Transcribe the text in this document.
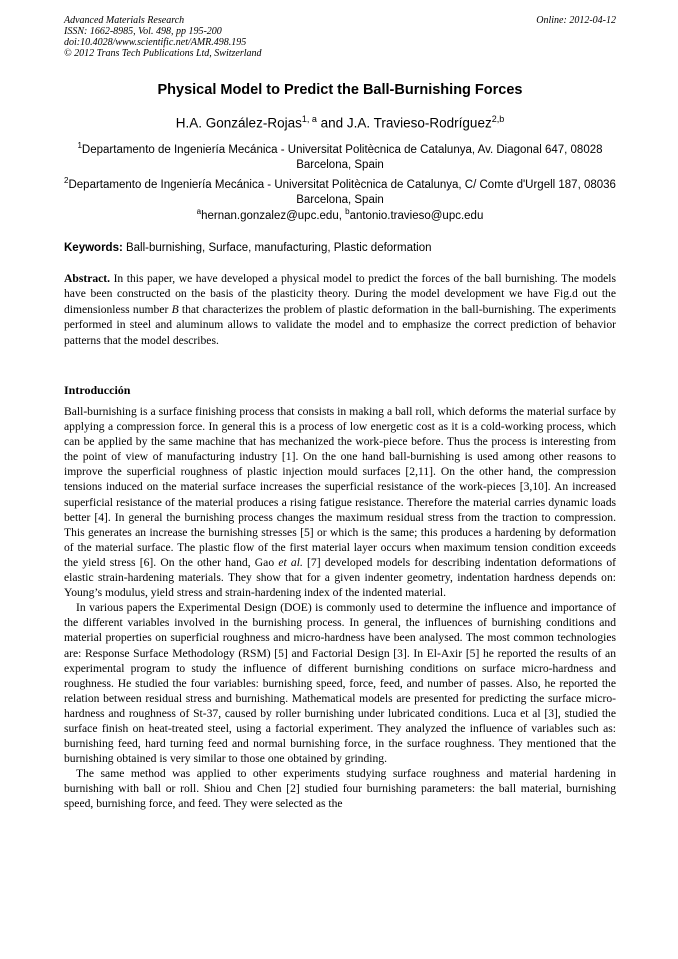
Advanced Materials Research
ISSN: 1662-8985, Vol. 498, pp 195-200
doi:10.4028/www.scientific.net/AMR.498.195
© 2012 Trans Tech Publications Ltd, Switzerland
Online: 2012-04-12
Physical Model to Predict the Ball-Burnishing Forces
H.A. González-Rojas$^{1, a}$ and J.A. Travieso-Rodríguez$^{2,b}$
$^1$Departamento de Ingeniería Mecánica - Universitat Politècnica de Catalunya, Av. Diagonal 647, 08028 Barcelona, Spain
$^2$Departamento de Ingeniería Mecánica - Universitat Politècnica de Catalunya, C/ Comte d'Urgell 187, 08036 Barcelona, Spain
$^a$hernan.gonzalez@upc.edu, $^b$antonio.travieso@upc.edu
Keywords: Ball-burnishing, Surface, manufacturing, Plastic deformation

Abstract. In this paper, we have developed a physical model to predict the forces of the ball burnishing. The models have been constructed on the basis of the plasticity theory. During the model development we have Fig.d out the dimensionless number B that characterizes the problem of plastic deformation in the ball-burnishing. The experiments performed in steel and aluminum allows to validate the model and to emphasize the correct prediction of behavior patterns that the model describes.

Introducción

Ball-burnishing is a surface finishing process that consists in making a ball roll, which deforms the material surface by applying a compression force. In general this is a process of low energetic cost as it is a cold-working process, which can be applied by the same machine that has mechanized the work-piece before. Thus the process is interesting from the point of view of manufacturing industry [1]. On the one hand ball-burnishing is used among other reasons to improve the superficial roughness of plastic injection mould surfaces [2,11]. On the other hand, the compression tensions induced on the material surface increases the superficial resistance of the work-pieces [3,10]. An increased superficial resistance of the material produces a rising fatigue resistance. Therefore the material carries dynamic loads better [4]. In general the burnishing process changes the maximum residual stress from the traction to compression. This generates an increase the burnishing stresses [5] or which is the same; this produces a hardening by deformation of the material surface. The plastic flow of the first material layer occurs when maximum tension condition exceeds the yield stress [6]. On the other hand, Gao et al. [7] developed models for describing indentation deformations of elastic strain-hardening materials. They show that for a given indenter geometry, indentation hardness depends on: Young’s modulus, yield stress and strain-hardening index of the indented material.

In various papers the Experimental Design (DOE) is commonly used to determine the influence and importance of the different variables involved in the burnishing process. In general, the influences of burnishing conditions and material properties on superficial roughness and micro-hardness have been analysed. The most common technologies are: Response Surface Methodology (RSM) [5] and Factorial Design [3]. In El-Axir [5] he reported the results of an experimental program to study the influence of different burnishing conditions on surface micro-hardness and roughness. He studied the four variables: burnishing speed, force, feed, and number of passes. Also, he reported the relation between residual stress and burnishing. Mathematical models are presented for predicting the surface micro-hardness and roughness of St-37, caused by roller burnishing under lubricated conditions. Luca et al [3], studied the surface finish on heat-treated steel, using a factorial experiment. They analyzed the influence of variables such as: burnishing feed, hard turning feed and normal burnishing force, in the surface roughness. They mentioned that the burnishing obtained is very similar to those one obtained by grinding.

The same method was applied to other experiments studying surface roughness and material hardening in burnishing with ball or roll. Shiou and Chen [2] studied four burnishing parameters: the ball material, burnishing speed, burnishing force, and feed. They were selected as the
